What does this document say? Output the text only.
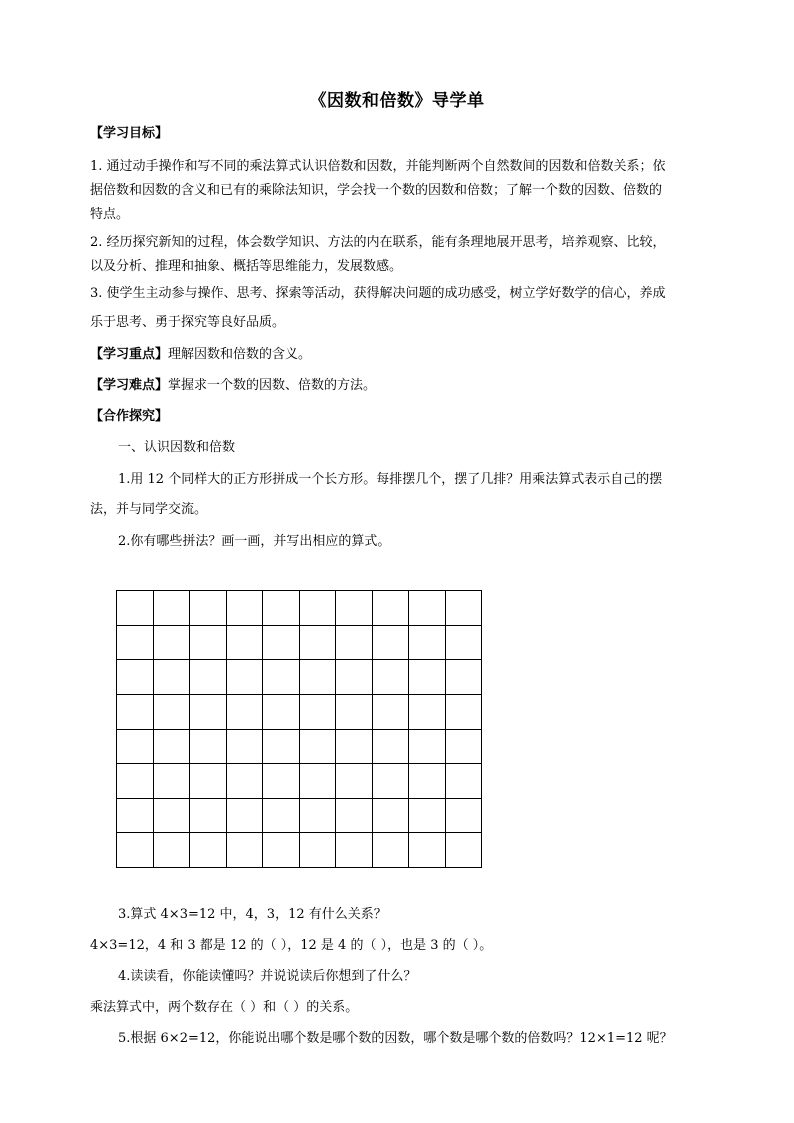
《因数和倍数》导学单
【学习目标】
1. 通过动手操作和写不同的乘法算式认识倍数和因数，并能判断两个自然数间的因数和倍数关系；依
据倍数和因数的含义和已有的乘除法知识，学会找一个数的因数和倍数；了解一个数的因数、倍数的
特点。
2. 经历探究新知的过程，体会数学知识、方法的内在联系，能有条理地展开思考，培养观察、比较，
以及分析、推理和抽象、概括等思维能力，发展数感。
3. 使学生主动参与操作、思考、探索等活动，获得解决问题的成功感受，树立学好数学的信心，养成
乐于思考、勇于探究等良好品质。
【学习重点】理解因数和倍数的含义。
【学习难点】掌握求一个数的因数、倍数的方法。
【合作探究】
一、认识因数和倍数
1.用 12 个同样大的正方形拼成一个长方形。每排摆几个，摆了几排？用乘法算式表示自己的摆
法，并与同学交流。
2.你有哪些拼法？画一画，并写出相应的算式。
3.算式 4×3=12 中，4，3，12 有什么关系？
4×3=12，4 和 3 都是 12 的（ ），12 是 4 的（ ），也是 3 的（ ）。
4.读读看，你能读懂吗？并说说读后你想到了什么？
乘法算式中，两个数存在（ ）和（ ）的关系。
5.根据 6×2=12，你能说出哪个数是哪个数的因数，哪个数是哪个数的倍数吗？12×1=12 呢？
